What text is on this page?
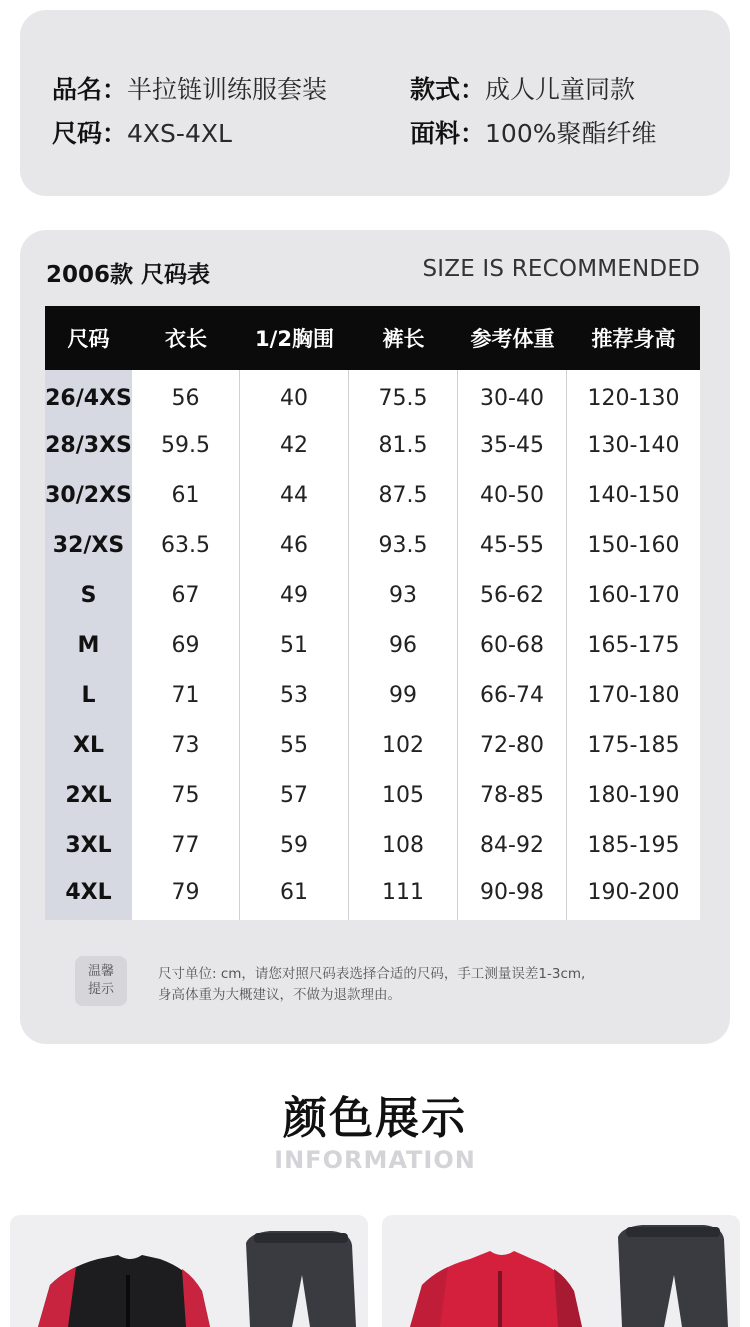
品名：半拉链训练服套装	款式：成人儿童同款
尺码：4XS-4XL	面料：100%聚酯纤维
2006款 尺码表	SIZE IS RECOMMENDED
尺码	衣长	1/2胸围	裤长	参考体重	推荐身高
26/4XS	56	40	75.5	30-40	120-130
28/3XS	59.5	42	81.5	35-45	130-140
30/2XS	61	44	87.5	40-50	140-150
32/XS	63.5	46	93.5	45-55	150-160
S	67	49	93	56-62	160-170
M	69	51	96	60-68	165-175
L	71	53	99	66-74	170-180
XL	73	55	102	72-80	175-185
2XL	75	57	105	78-85	180-190
3XL	77	59	108	84-92	185-195
4XL	79	61	111	90-98	190-200
温馨
提示
尺寸单位: cm，请您对照尺码表选择合适的尺码，手工测量误差1-3cm,
身高体重为大概建议，不做为退款理由。
颜色展示
INFORMATION
